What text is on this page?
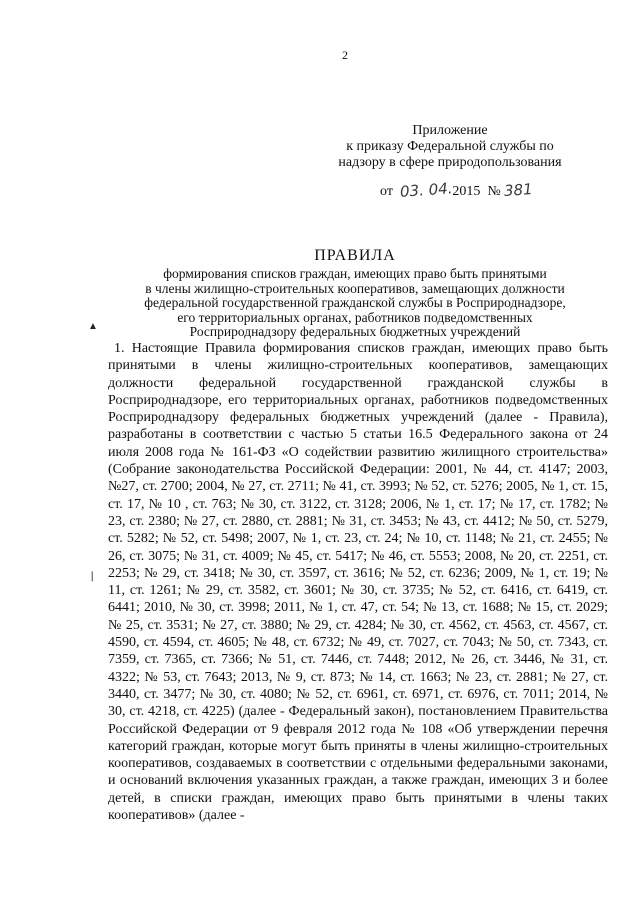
2
Приложение
к приказу Федеральной службы по
надзору в сфере природопользования
от 03. 04.2015 № 381
ПРАВИЛА
формирования списков граждан, имеющих право быть принятыми
в члены жилищно-строительных кооперативов, замещающих должности
федеральной государственной гражданской службы в Росприроднадзоре,
его территориальных органах, работников подведомственных
Росприроднадзору федеральных бюджетных учреждений

1. Настоящие Правила формирования списков граждан, имеющих право быть принятыми в члены жилищно-строительных кооперативов, замещающих должности федеральной государственной гражданской службы в Росприроднадзоре, его территориальных органах, работников подведомственных Росприроднадзору федеральных бюджетных учреждений (далее - Правила), разработаны в соответствии с частью 5 статьи 16.5 Федерального закона от 24 июля 2008 года № 161-ФЗ «О содействии развитию жилищного строительства» (Собрание законодательства Российской Федерации: 2001, № 44, ст. 4147; 2003, №27, ст. 2700; 2004, № 27, ст. 2711; № 41, ст. 3993; № 52, ст. 5276; 2005, № 1, ст. 15, ст. 17, № 10 , ст. 763; № 30, ст. 3122, ст. 3128; 2006, № 1, ст. 17; № 17, ст. 1782; № 23, ст. 2380; № 27, ст. 2880, ст. 2881; № 31, ст. 3453; № 43, ст. 4412; № 50, ст. 5279, ст. 5282; № 52, ст. 5498; 2007, № 1, ст. 23, ст. 24; № 10, ст. 1148; № 21, ст. 2455; № 26, ст. 3075; № 31, ст. 4009; № 45, ст. 5417; № 46, ст. 5553; 2008, № 20, ст. 2251, ст. 2253; № 29, ст. 3418; № 30, ст. 3597, ст. 3616; № 52, ст. 6236; 2009, № 1, ст. 19; № 11, ст. 1261; № 29, ст. 3582, ст. 3601; № 30, ст. 3735; № 52, ст. 6416, ст. 6419, ст. 6441; 2010, № 30, ст. 3998; 2011, № 1, ст. 47, ст. 54; № 13, ст. 1688; № 15, ст. 2029; № 25, ст. 3531; № 27, ст. 3880; № 29, ст. 4284; № 30, ст. 4562, ст. 4563, ст. 4567, ст. 4590, ст. 4594, ст. 4605; № 48, ст. 6732; № 49, ст. 7027, ст. 7043; № 50, ст. 7343, ст. 7359, ст. 7365, ст. 7366; № 51, ст. 7446, ст. 7448; 2012, № 26, ст. 3446, № 31, ст. 4322; № 53, ст. 7643; 2013, № 9, ст. 873; № 14, ст. 1663; № 23, ст. 2881; № 27, ст. 3440, ст. 3477; № 30, ст. 4080; № 52, ст. 6961, ст. 6971, ст. 6976, ст. 7011; 2014, № 30, ст. 4218, ст. 4225) (далее - Федеральный закон), постановлением Правительства Российской Федерации от 9 февраля 2012 года № 108 «Об утверждении перечня категорий граждан, которые могут быть приняты в члены жилищно-строительных кооперативов, создаваемых в соответствии с отдельными федеральными законами, и оснований включения указанных граждан, а также граждан, имеющих 3 и более детей, в списки граждан, имеющих право быть принятыми в члены таких кооперативов» (далее -

▲
❘
